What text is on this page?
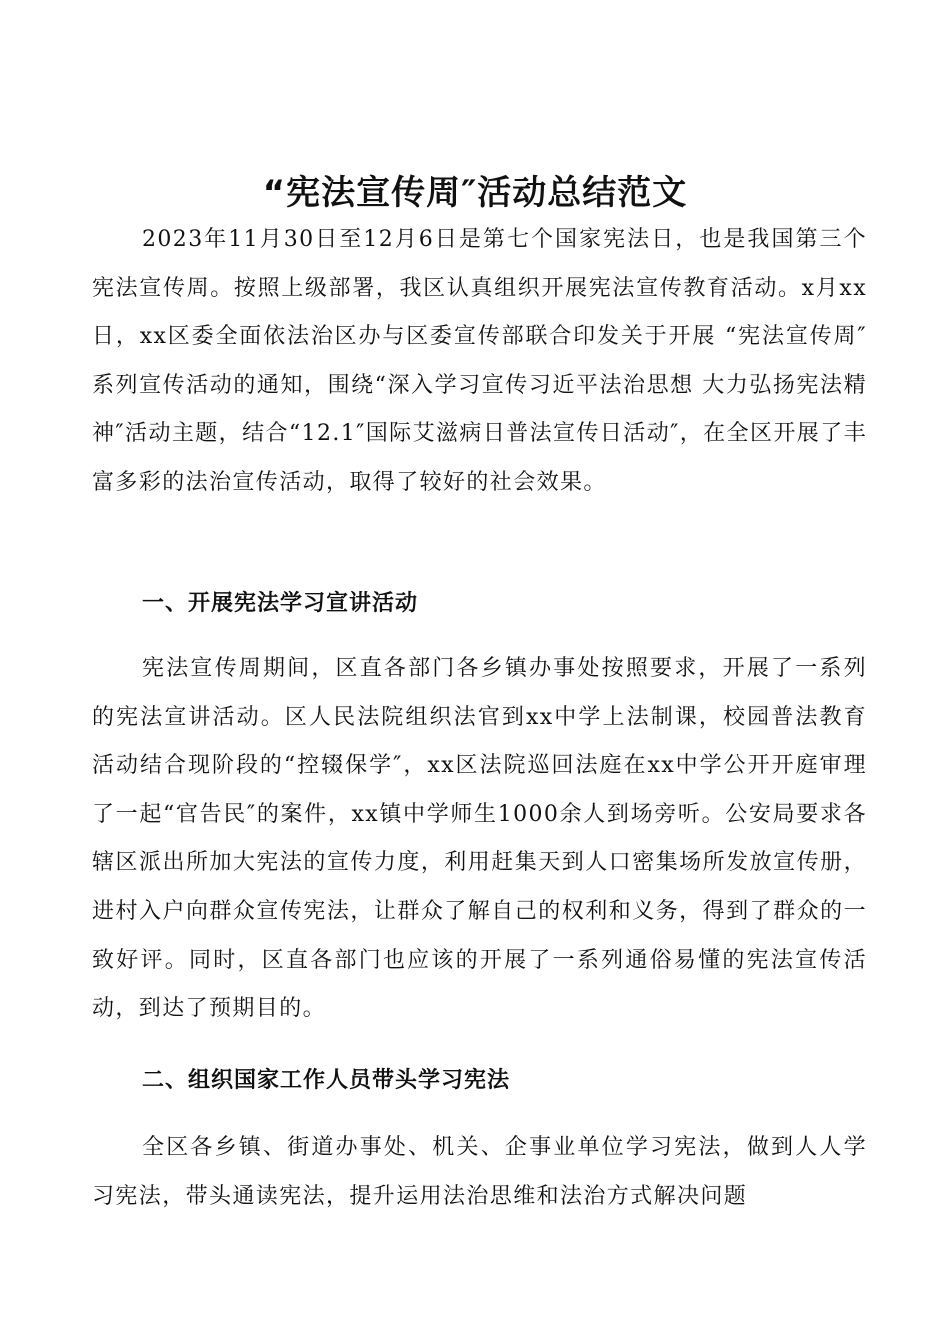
“宪法宣传周″活动总结范文

2023年11月30日至12月6日是第七个国家宪法日，也是我国第三个宪法宣传周。按照上级部署，我区认真组织开展宪法宣传教育活动。x月xx日，xx区委全面依法治区办与区委宣传部联合印发关于开展 “宪法宣传周″系列宣传活动的通知，围绕“深入学习宣传习近平法治思想 大力弘扬宪法精神″活动主题，结合“12.1″国际艾滋病日普法宣传日活动″，在全区开展了丰富多彩的法治宣传活动，取得了较好的社会效果。

一、开展宪法学习宣讲活动

宪法宣传周期间，区直各部门各乡镇办事处按照要求，开展了一系列的宪法宣讲活动。区人民法院组织法官到xx中学上法制课，校园普法教育活动结合现阶段的“控辍保学″，xx区法院巡回法庭在xx中学公开开庭审理了一起“官告民″的案件，xx镇中学师生1000余人到场旁听。公安局要求各辖区派出所加大宪法的宣传力度，利用赶集天到人口密集场所发放宣传册，进村入户向群众宣传宪法，让群众了解自己的权利和义务，得到了群众的一致好评。同时，区直各部门也应该的开展了一系列通俗易懂的宪法宣传活动，到达了预期目的。

二、组织国家工作人员带头学习宪法

全区各乡镇、街道办事处、机关、企事业单位学习宪法，做到人人学习宪法，带头通读宪法，提升运用法治思维和法治方式解决问题
